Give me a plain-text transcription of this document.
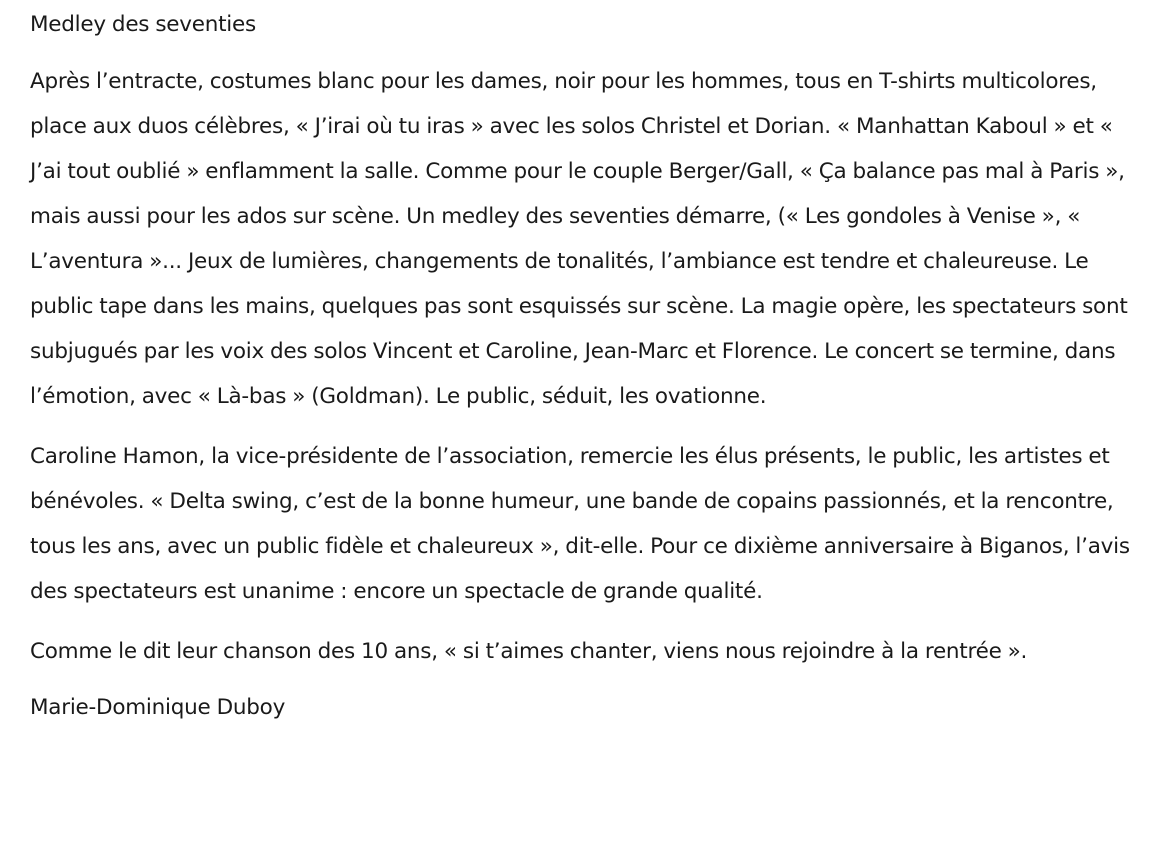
Medley des seventies

Après l’entracte, costumes blanc pour les dames, noir pour les hommes, tous en T-shirts multicolores, place aux duos célèbres, « J’irai où tu iras » avec les solos Christel et Dorian. « Manhattan Kaboul » et « J’ai tout oublié » enflamment la salle. Comme pour le couple Berger/Gall, « Ça balance pas mal à Paris », mais aussi pour les ados sur scène. Un medley des seventies démarre, (« Les gondoles à Venise », « L’aventura »... Jeux de lumières, changements de tonalités, l’ambiance est tendre et chaleureuse. Le public tape dans les mains, quelques pas sont esquissés sur scène. La magie opère, les spectateurs sont subjugués par les voix des solos Vincent et Caroline, Jean-Marc et Florence. Le concert se termine, dans l’émotion, avec « Là-bas » (Goldman). Le public, séduit, les ovationne.

Caroline Hamon, la vice-présidente de l’association, remercie les élus présents, le public, les artistes et bénévoles. « Delta swing, c’est de la bonne humeur, une bande de copains passionnés, et la rencontre, tous les ans, avec un public fidèle et chaleureux », dit-elle. Pour ce dixième anniversaire à Biganos, l’avis des spectateurs est unanime : encore un spectacle de grande qualité.

Comme le dit leur chanson des 10 ans, « si t’aimes chanter, viens nous rejoindre à la rentrée ».

Marie-Dominique Duboy
